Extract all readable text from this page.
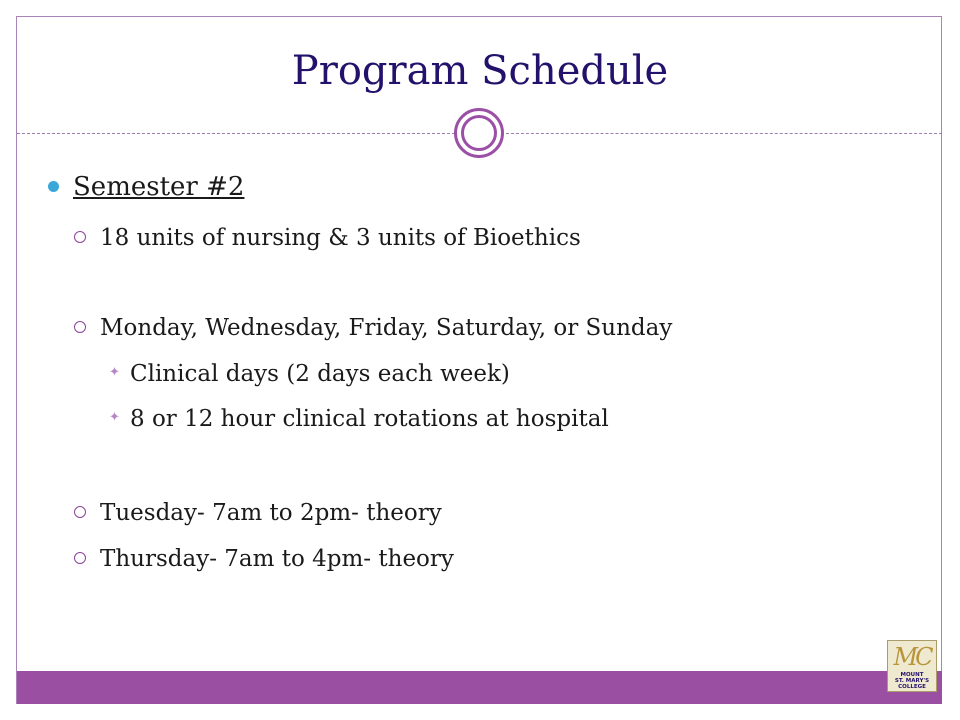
Program Schedule
Semester #2
18 units of nursing & 3 units of Bioethics
Monday, Wednesday, Friday, Saturday, or Sunday
✦ Clinical days (2 days each week)
✦ 8 or 12 hour clinical rotations at hospital
Tuesday- 7am to 2pm- theory
Thursday- 7am to 4pm- theory
MC
MOUNT
ST. MARY'S
COLLEGE
